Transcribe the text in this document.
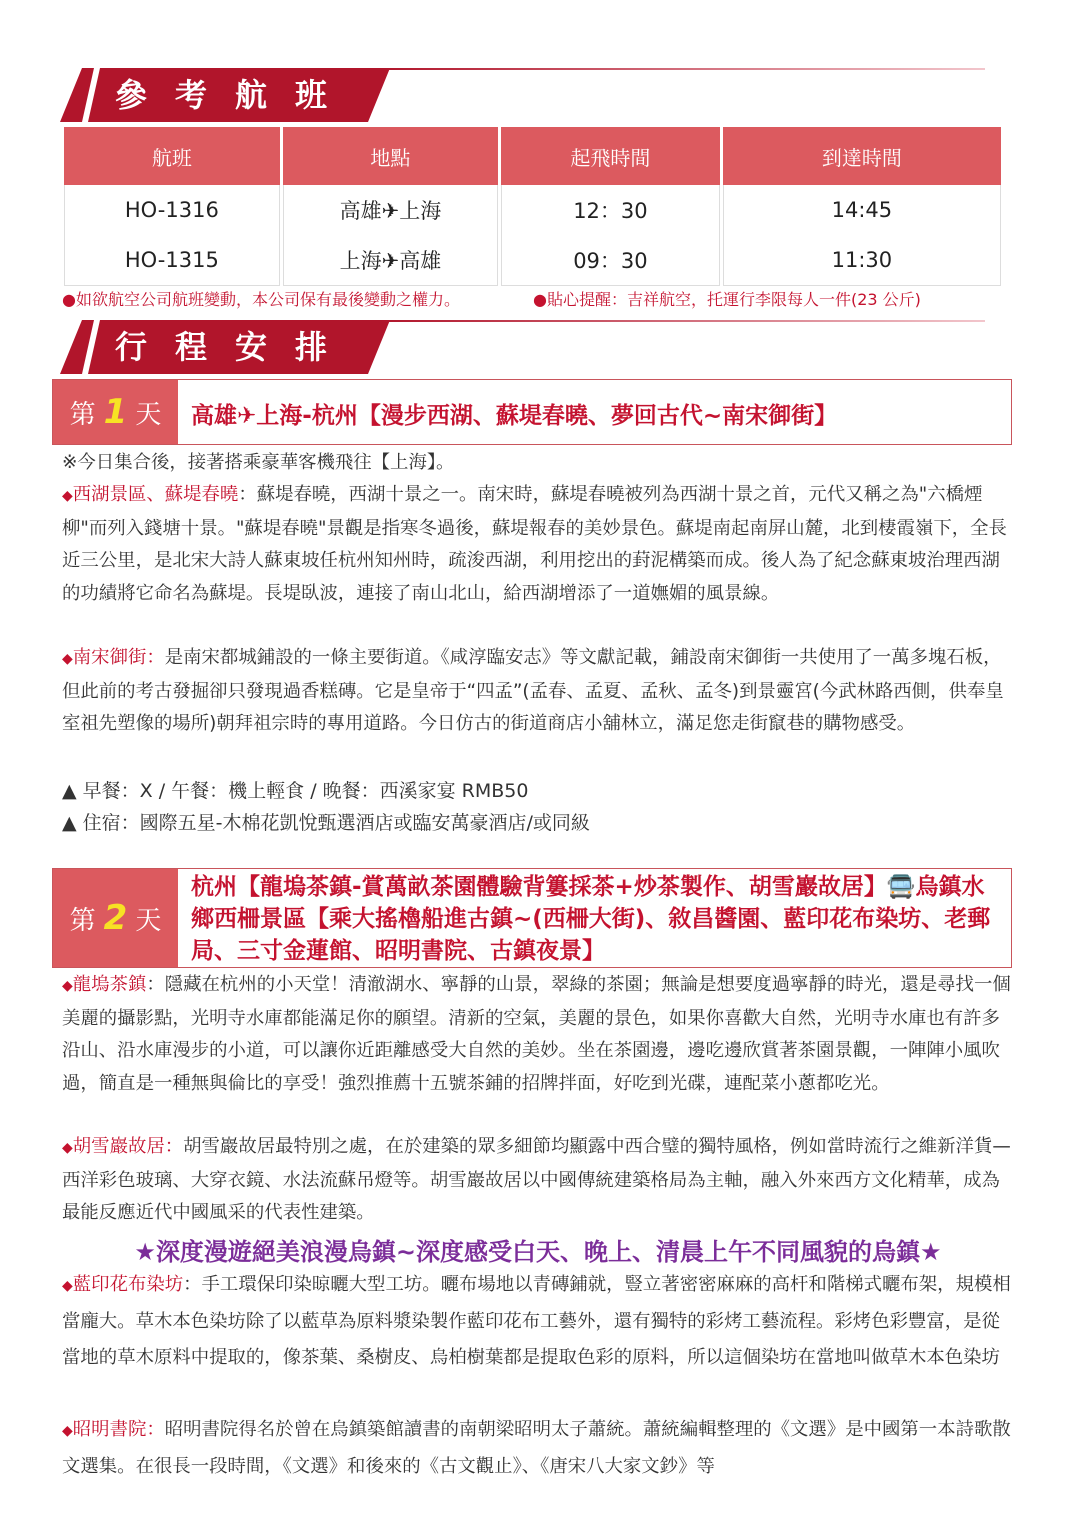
參考航班
航班	地點	起飛時間	到達時間
HO-1316	高雄✈上海	12：30	14:45
HO-1315	上海✈高雄	09：30	11:30
●如欲航空公司航班變動，本公司保有最後變動之權力。	●貼心提醒：吉祥航空，托運行李限每人一件(23 公斤)
行程安排
第 1 天 高雄✈上海-杭州【漫步西湖、蘇堤春曉、夢回古代~南宋御街】
※今日集合後，接著搭乘豪華客機飛往【上海】。
◆西湖景區、蘇堤春曉：蘇堤春曉，西湖十景之一。南宋時，蘇堤春曉被列為西湖十景之首，元代又稱之為"六橋煙柳"而列入錢塘十景。"蘇堤春曉"景觀是指寒冬過後，蘇堤報春的美妙景色。蘇堤南起南屏山麓，北到棲霞嶺下，全長近三公里，是北宋大詩人蘇東坡任杭州知州時，疏浚西湖，利用挖出的葑泥構築而成。後人為了紀念蘇東坡治理西湖的功績將它命名為蘇堤。長堤臥波，連接了南山北山，給西湖增添了一道嫵媚的風景線。
◆南宋御街：是南宋都城鋪設的一條主要街道。《咸淳臨安志》等文獻記載，鋪設南宋御街一共使用了一萬多塊石板，但此前的考古發掘卻只發現過香糕磚。它是皇帝于“四孟”(孟春、孟夏、孟秋、孟冬)到景靈宮(今武林路西側，供奉皇室祖先塑像的場所)朝拜祖宗時的專用道路。今日仿古的街道商店小舖林立，滿足您走街竄巷的購物感受。
▲ 早餐：X / 午餐：機上輕食 / 晚餐：西溪家宴 RMB50
▲ 住宿：國際五星-木棉花凱悅甄選酒店或臨安萬豪酒店/或同級
第 2 天
杭州【龍塢茶鎮-賞萬畝茶園體驗背簍採茶+炒茶製作、胡雪巖故居】🚍烏鎮水鄉西柵景區【乘大搖櫓船進古鎮~(西柵大街)、敘昌醬園、藍印花布染坊、老郵局、三寸金蓮館、昭明書院、古鎮夜景】
◆龍塢茶鎮：隱藏在杭州的小天堂！清澈湖水、寧靜的山景，翠綠的茶園；無論是想要度過寧靜的時光，還是尋找一個美麗的攝影點，光明寺水庫都能滿足你的願望。清新的空氣，美麗的景色，如果你喜歡大自然，光明寺水庫也有許多沿山、沿水庫漫步的小道，可以讓你近距離感受大自然的美妙。坐在茶園邊，邊吃邊欣賞著茶園景觀，一陣陣小風吹過，簡直是一種無與倫比的享受！強烈推薦十五號茶鋪的招牌拌面，好吃到光碟，連配菜小蔥都吃光。
◆胡雪巖故居：胡雪巖故居最特別之處，在於建築的眾多細節均顯露中西合璧的獨特風格，例如當時流行之維新洋貨—西洋彩色玻璃、大穿衣鏡、水法流蘇吊燈等。胡雪巖故居以中國傳統建築格局為主軸，融入外來西方文化精華，成為最能反應近代中國風采的代表性建築。
★深度漫遊絕美浪漫烏鎮~深度感受白天、晚上、清晨上午不同風貌的烏鎮★
◆藍印花布染坊：手工環保印染晾曬大型工坊。曬布場地以青磚鋪就，豎立著密密麻麻的高杆和階梯式曬布架，規模相當龐大。草木本色染坊除了以藍草為原料漿染製作藍印花布工藝外，還有獨特的彩烤工藝流程。彩烤色彩豐富，是從當地的草木原料中提取的，像茶葉、桑樹皮、烏柏樹葉都是提取色彩的原料，所以這個染坊在當地叫做草木本色染坊
◆昭明書院：昭明書院得名於曾在烏鎮築館讀書的南朝梁昭明太子蕭統。蕭統編輯整理的《文選》是中國第一本詩歌散文選集。在很長一段時間，《文選》和後來的《古文觀止》、《唐宋八大家文鈔》等
